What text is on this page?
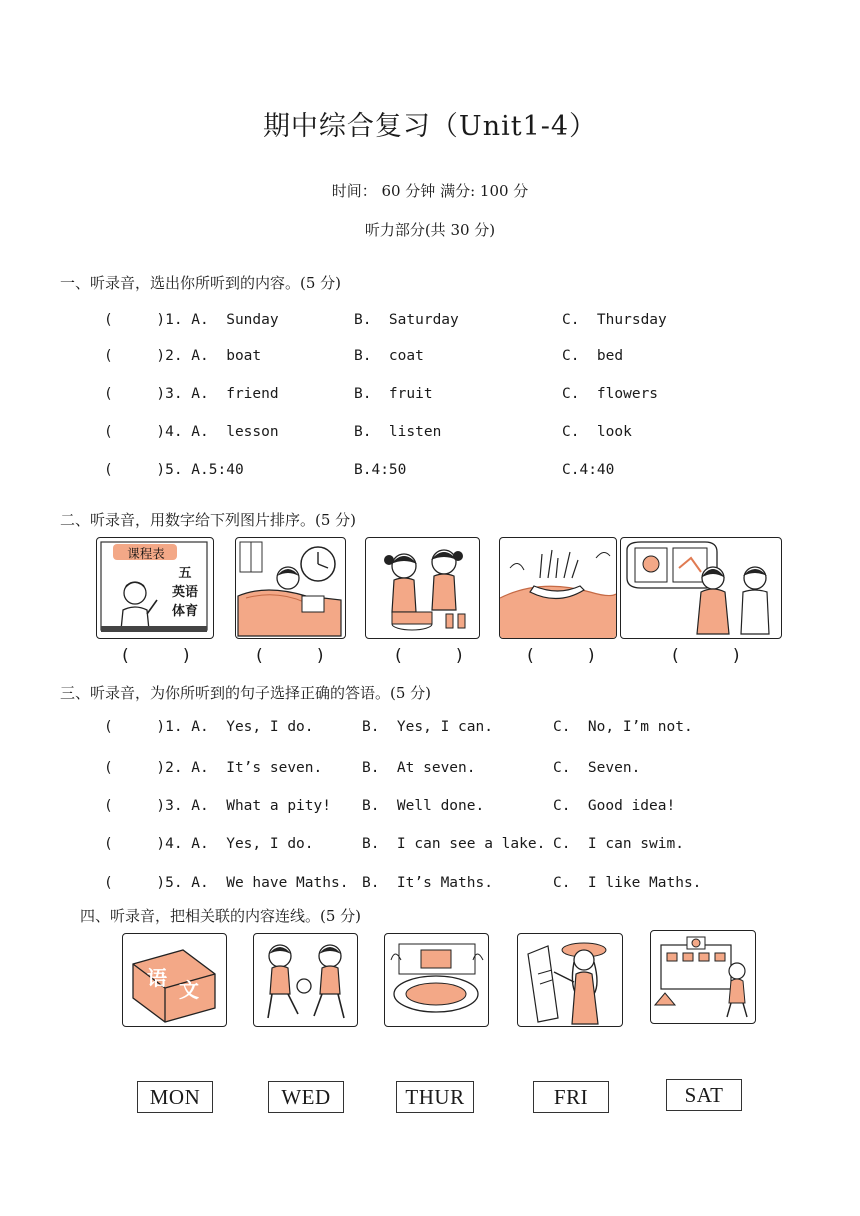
期中综合复习（Unit1-4）
时间： 60 分钟 满分: 100 分
听力部分(共 30 分)
一、听录音，选出你所听到的内容。(5 分)
(     )1. A.  Sunday	B.  Saturday	C.  Thursday
(     )2. A.  boat	B.  coat	C.  bed
(     )3. A.  friend	B.  fruit	C.  flowers
(     )4. A.  lesson	B.  listen	C.  look
(     )5. A.5:40	B.4:50	C.4:40
二、听录音，用数字给下列图片排序。(5 分)
课程表
五
英语
体育
(     )	(     )	(     )	(     )	(     )
三、听录音，为你所听到的句子选择正确的答语。(5 分)
(     )1. A.  Yes, I do.	B.  Yes, I can.	C.  No, I’m not.
(     )2. A.  It’s seven.	B.  At seven.	C.  Seven.
(     )3. A.  What a pity! B.  Well done.	C.  Good idea!
(     )4. A.  Yes, I do.	B.  I can see a lake. C.  I can swim.
(     )5. A.  We have Maths. B.  It’s Maths.	C.  I like Maths.
四、听录音，把相关联的内容连线。(5 分)
语 文
MON	WED	THUR	FRI	SAT
